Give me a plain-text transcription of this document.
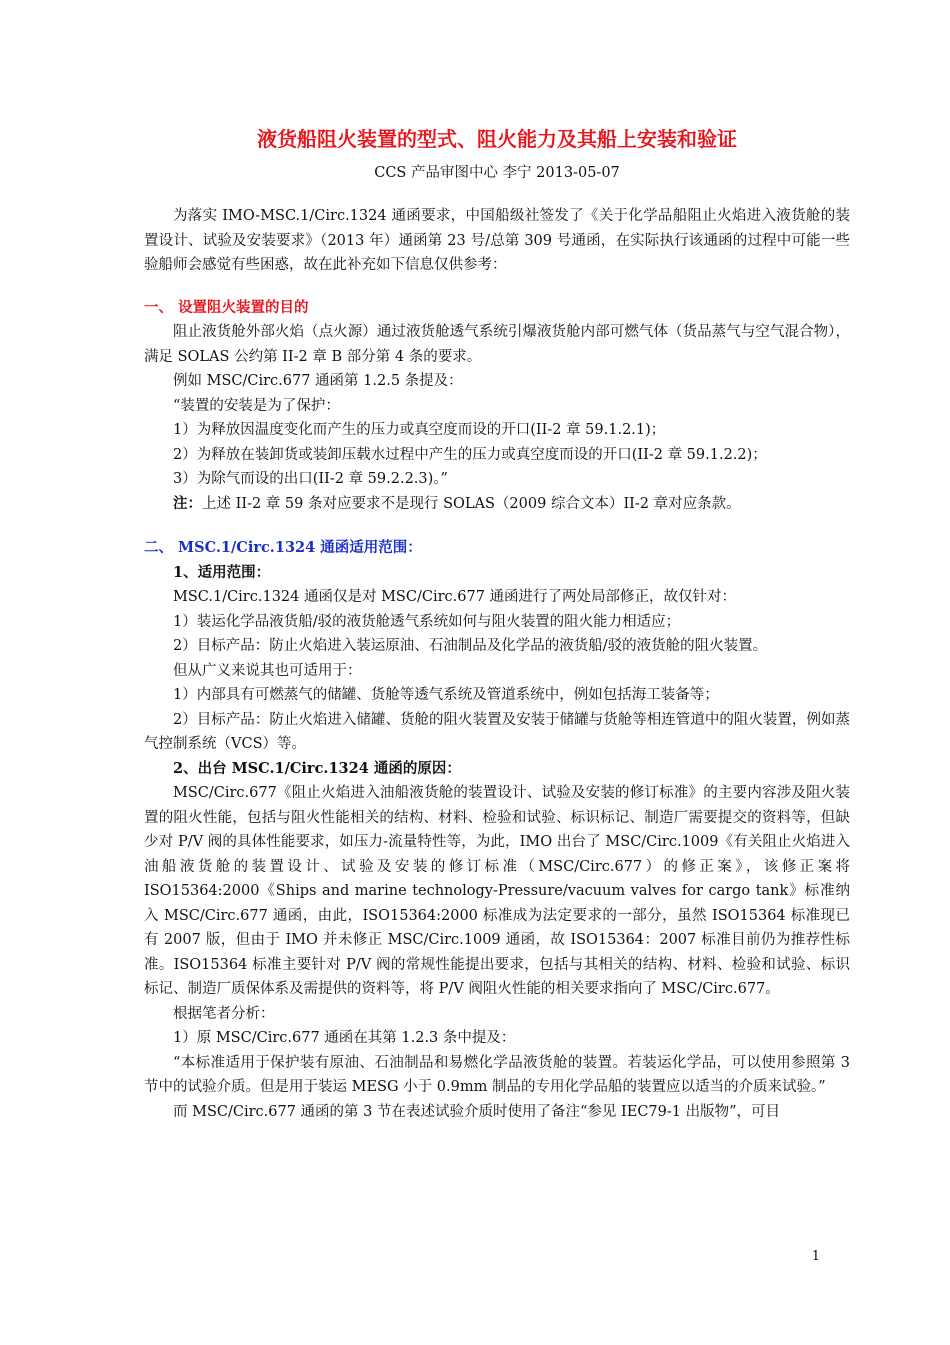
液货船阻火装置的型式、阻火能力及其船上安装和验证

CCS 产品审图中心 李宁 2013-05-07

为落实 IMO-MSC.1/Circ.1324 通函要求，中国船级社签发了《关于化学品船阻止火焰进入液货舱的装置设计、试验及安装要求》（2013 年）通函第 23 号/总第 309 号通函，在实际执行该通函的过程中可能一些验船师会感觉有些困惑，故在此补充如下信息仅供参考：

一、 设置阻火装置的目的

阻止液货舱外部火焰（点火源）通过液货舱透气系统引爆液货舱内部可燃气体（货品蒸气与空气混合物），满足 SOLAS 公约第 II-2 章 B 部分第 4 条的要求。

例如 MSC/Circ.677 通函第 1.2.5 条提及：

“装置的安装是为了保护：

1）为释放因温度变化而产生的压力或真空度而设的开口(II-2 章 59.1.2.1)；

2）为释放在装卸货或装卸压载水过程中产生的压力或真空度而设的开口(II-2 章 59.1.2.2)；

3）为除气而设的出口(II-2 章 59.2.2.3)。”

注：上述 II-2 章 59 条对应要求不是现行 SOLAS（2009 综合文本）II-2 章对应条款。

二、 MSC.1/Circ.1324 通函适用范围：

1、适用范围：

MSC.1/Circ.1324 通函仅是对 MSC/Circ.677 通函进行了两处局部修正，故仅针对：

1）装运化学品液货船/驳的液货舱透气系统如何与阻火装置的阻火能力相适应；

2）目标产品：防止火焰进入装运原油、石油制品及化学品的液货船/驳的液货舱的阻火装置。

但从广义来说其也可适用于：

1）内部具有可燃蒸气的储罐、货舱等透气系统及管道系统中，例如包括海工装备等；

2）目标产品：防止火焰进入储罐、货舱的阻火装置及安装于储罐与货舱等相连管道中的阻火装置，例如蒸气控制系统（VCS）等。

2、出台 MSC.1/Circ.1324 通函的原因：

MSC/Circ.677《阻止火焰进入油船液货舱的装置设计、试验及安装的修订标准》的主要内容涉及阻火装置的阻火性能，包括与阻火性能相关的结构、材料、检验和试验、标识标记、制造厂需要提交的资料等，但缺少对 P/V 阀的具体性能要求，如压力-流量特性等，为此，IMO 出台了 MSC/Circ.1009《有关阻止火焰进入油船液货舱的装置设计、试验及安装的修订标准（MSC/Circ.677）的修正案》，该修正案将 ISO15364:2000《Ships and marine technology-Pressure/vacuum valves for cargo tank》标准纳入 MSC/Circ.677 通函，由此，ISO15364:2000 标准成为法定要求的一部分，虽然 ISO15364 标准现已有 2007 版，但由于 IMO 并未修正 MSC/Circ.1009 通函，故 ISO15364：2007 标准目前仍为推荐性标准。ISO15364 标准主要针对 P/V 阀的常规性能提出要求，包括与其相关的结构、材料、检验和试验、标识标记、制造厂质保体系及需提供的资料等，将 P/V 阀阻火性能的相关要求指向了 MSC/Circ.677。

根据笔者分析：

1）原 MSC/Circ.677 通函在其第 1.2.3 条中提及：

“本标准适用于保护装有原油、石油制品和易燃化学品液货舱的装置。若装运化学品，可以使用参照第 3 节中的试验介质。但是用于装运 MESG 小于 0.9mm 制品的专用化学品船的装置应以适当的介质来试验。”

而 MSC/Circ.677 通函的第 3 节在表述试验介质时使用了备注“参见 IEC79-1 出版物”，可目

1
